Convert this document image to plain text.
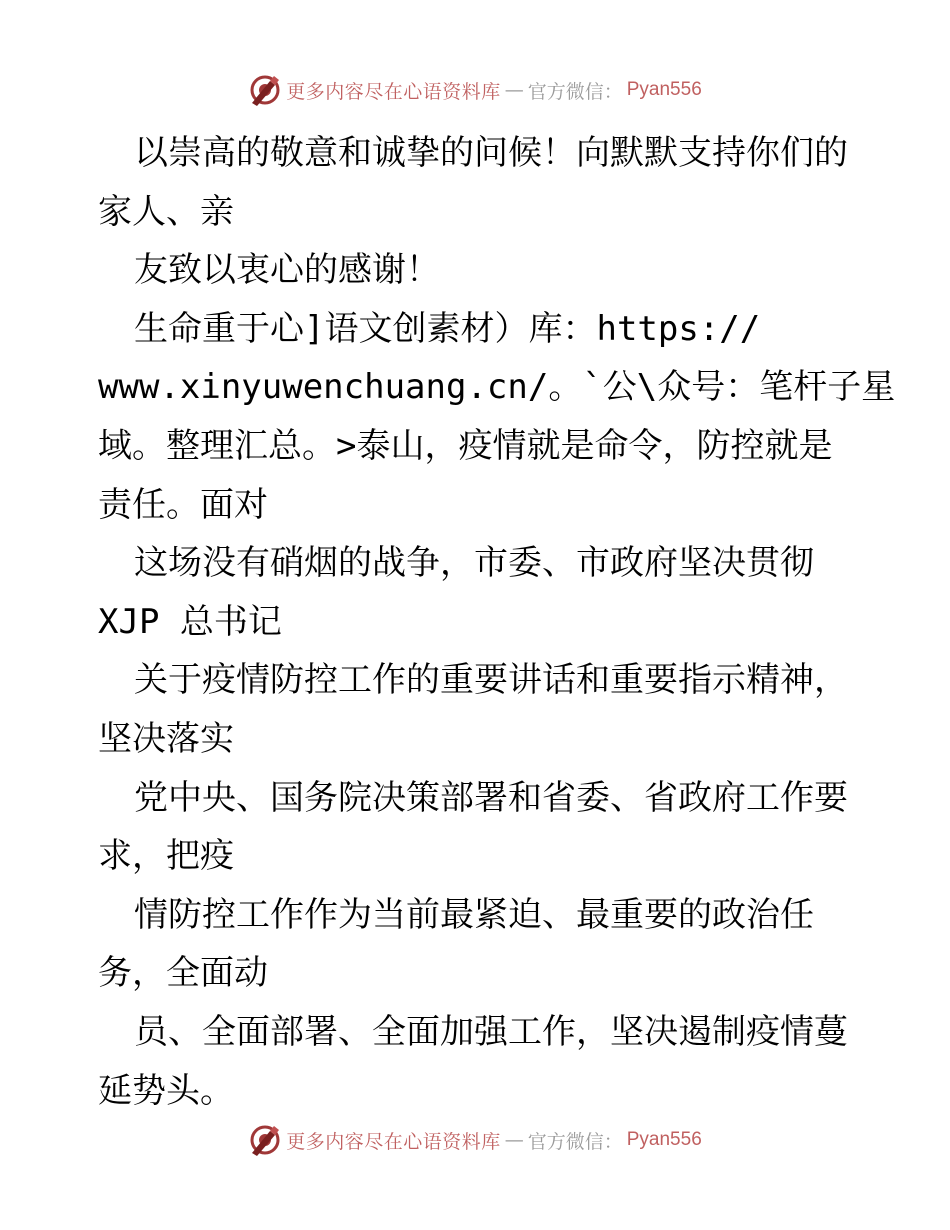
更多内容尽在心语资料库 — 官方微信： Pyan556
以崇高的敬意和诚挚的问候！向默默支持你们的
家人、亲
友致以衷心的感谢！
生命重于心]语文创素材）库：https://
www.xinyuwenchuang.cn/。`公\众号：笔杆子星
域。整理汇总。>泰山，疫情就是命令，防控就是
责任。面对
这场没有硝烟的战争，市委、市政府坚决贯彻
XJP 总书记
关于疫情防控工作的重要讲话和重要指示精神，
坚决落实
党中央、国务院决策部署和省委、省政府工作要
求，把疫
情防控工作作为当前最紧迫、最重要的政治任
务，全面动
员、全面部署、全面加强工作，坚决遏制疫情蔓
延势头。
更多内容尽在心语资料库 — 官方微信： Pyan556
